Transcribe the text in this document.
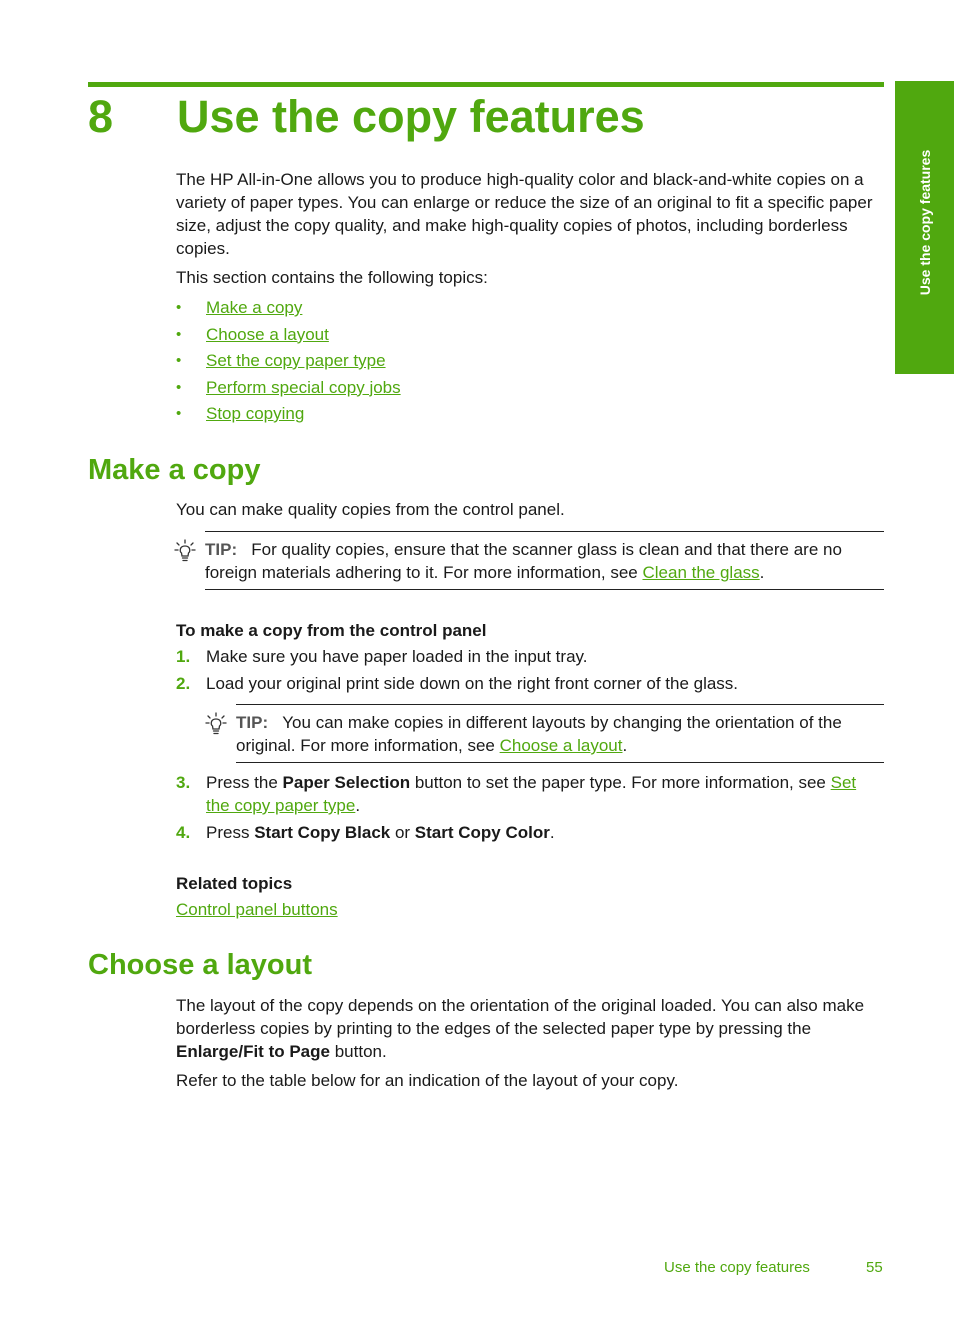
Use the copy features
8 Use the copy features

The HP All-in-One allows you to produce high-quality color and black-and-white copies on a variety of paper types. You can enlarge or reduce the size of an original to fit a specific paper size, adjust the copy quality, and make high-quality copies of photos, including borderless copies.

This section contains the following topics:

• Make a copy
• Choose a layout
• Set the copy paper type
• Perform special copy jobs
• Stop copying
Make a copy

You can make quality copies from the control panel.

TIP: For quality copies, ensure that the scanner glass is clean and that there are no foreign materials adhering to it. For more information, see Clean the glass.

To make a copy from the control panel

1. Make sure you have paper loaded in the input tray.
2. Load your original print side down on the right front corner of the glass.
TIP: You can make copies in different layouts by changing the orientation of the original. For more information, see Choose a layout.
3. Press the Paper Selection button to set the paper type. For more information, see Set the copy paper type.
4. Press Start Copy Black or Start Copy Color.

Related topics

Control panel buttons

Choose a layout

The layout of the copy depends on the orientation of the original loaded. You can also make borderless copies by printing to the edges of the selected paper type by pressing the Enlarge/Fit to Page button.

Refer to the table below for an indication of the layout of your copy.

Use the copy features	55
